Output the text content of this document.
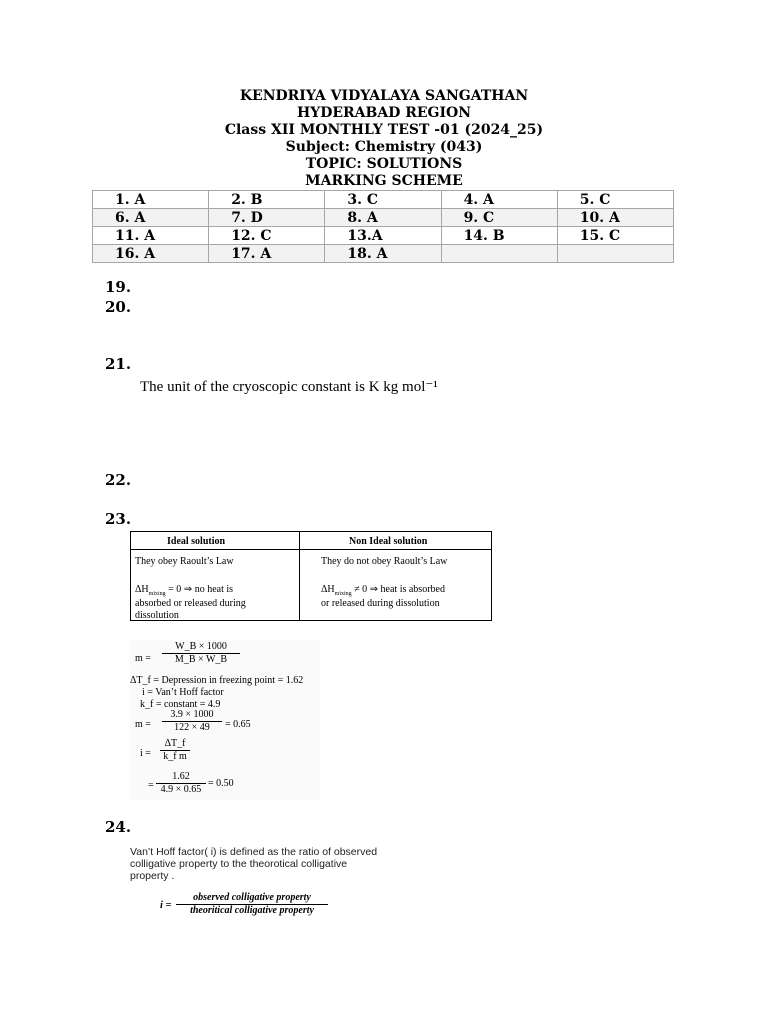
KENDRIYA VIDYALAYA SANGATHAN
HYDERABAD REGION
Class XII MONTHLY TEST -01 (2024_25)
Subject: Chemistry (043)
TOPIC: SOLUTIONS
MARKING SCHEME
1. A	2. B	3. C	4. A	5. C
6. A	7. D	8. A	9. C	10. A
11. A	12. C	13.A	14. B	15. C
16. A	17. A	18. A		
19.
20.
21.
The unit of the cryoscopic constant is K kg mol⁻¹
22.
23.
Ideal solution	Non Ideal solution
They obey Raoult’s Law	They do not obey Raoult’s Law
$\Delta H_{mixing} = 0$ ⇒ no heat is
absorbed or released during
dissolution
$\Delta H_{mixing} \ne 0$ ⇒ heat is absorbed
or released during dissolution
$m = \frac{W\_B \times 1000}{M\_B \times W\_B}$
ΔT_f = Depression in freezing point = 1.62
i = Van’t Hoff factor
k_f = constant = 4.9
$m = \frac{3.9 \times 1000}{122 \times 49} = 0.65$
$i = \frac{\Delta T\_f}{\text{k\_f m}}$
= $\frac{1.62}{4.9 \times 0.65} = 0.50$
24.
Van’t Hoff factor( i) is defined as the ratio of observed colligative property to the theorotical colligative property .
i =
observed colligative property
theoritical colligative property
